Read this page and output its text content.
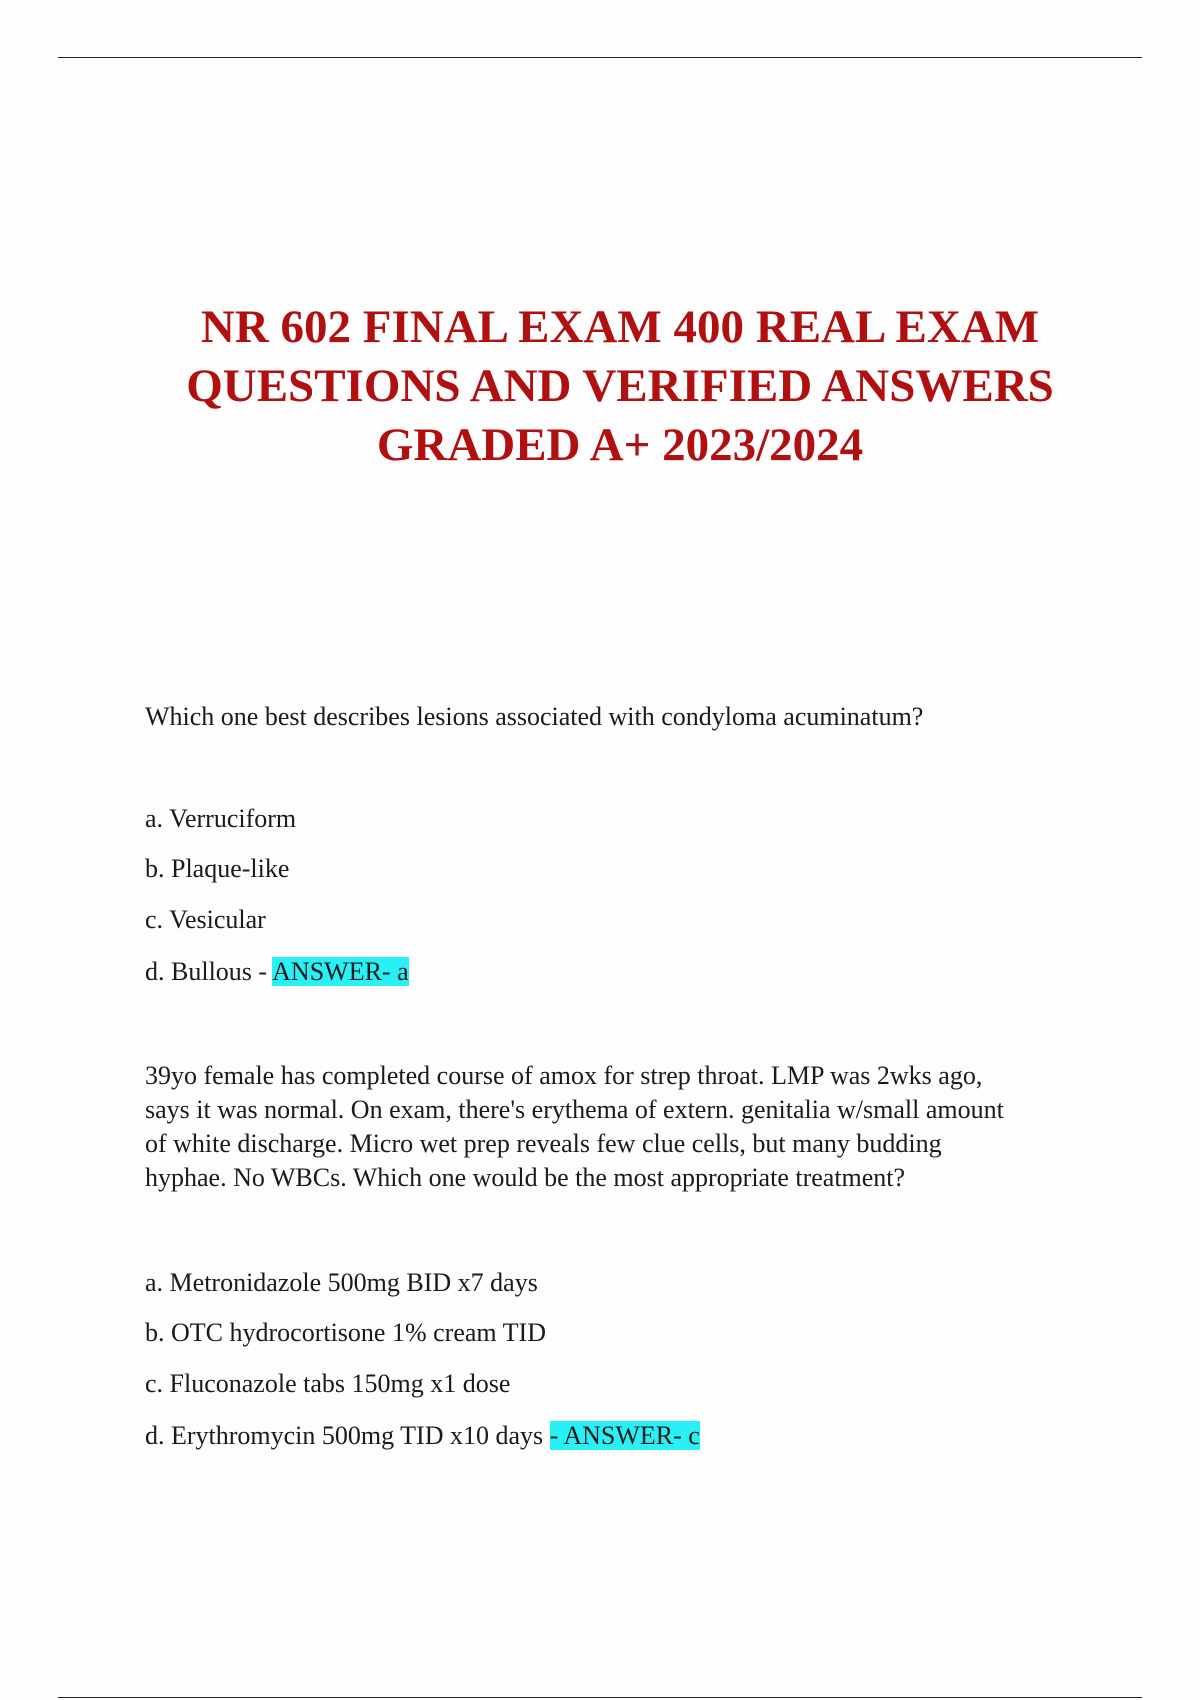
NR 602 FINAL EXAM 400 REAL EXAM
QUESTIONS AND VERIFIED ANSWERS
GRADED A+ 2023/2024

Which one best describes lesions associated with condyloma acuminatum?

a. Verruciform

b. Plaque-like

c. Vesicular

d. Bullous - ANSWER- a

39yo female has completed course of amox for strep throat. LMP was 2wks ago,
says it was normal. On exam, there's erythema of extern. genitalia w/small amount
of white discharge. Micro wet prep reveals few clue cells, but many budding
hyphae. No WBCs. Which one would be the most appropriate treatment?

a. Metronidazole 500mg BID x7 days

b. OTC hydrocortisone 1% cream TID

c. Fluconazole tabs 150mg x1 dose

d. Erythromycin 500mg TID x10 days - ANSWER- c
